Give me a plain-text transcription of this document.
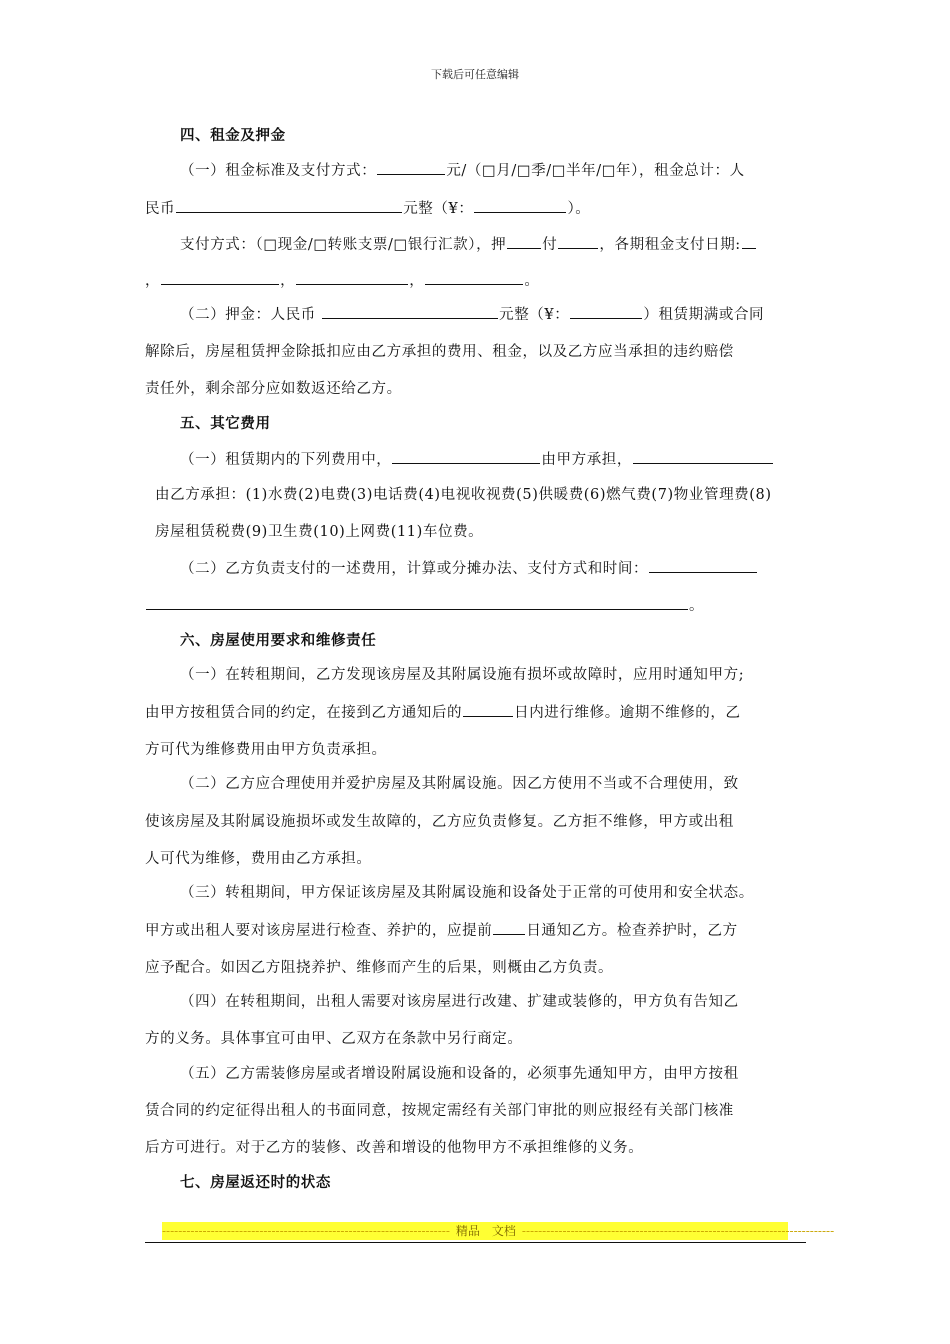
下载后可任意编辑
四、租金及押金
（一）租金标准及支付方式：	元/（□月/□季/□半年/□年），租金总计：人
民币	元整（¥：	）。
支付方式：（□现金/□转账支票/□银行汇款），押 付	，各期租金支付日期:
，	，	，	。
（二）押金：人民币	元整（¥：	）租赁期满或合同
解除后，房屋租赁押金除抵扣应由乙方承担的费用、租金，以及乙方应当承担的违约赔偿
责任外，剩余部分应如数返还给乙方。
五、其它费用
（一）租赁期内的下列费用中，	由甲方承担，
由乙方承担：(1)水费(2)电费(3)电话费(4)电视收视费(5)供暖费(6)燃气费(7)物业管理费(8)
房屋租赁税费(9)卫生费(10)上网费(11)车位费。
（二）乙方负责支付的一述费用，计算或分摊办法、支付方式和时间：
。
六、房屋使用要求和维修责任
（一）在转租期间，乙方发现该房屋及其附属设施有损坏或故障时，应用时通知甲方;
由甲方按租赁合同的约定，在接到乙方通知后的	日内进行维修。逾期不维修的，乙
方可代为维修费用由甲方负责承担。
（二）乙方应合理使用并爱护房屋及其附属设施。因乙方使用不当或不合理使用，致
使该房屋及其附属设施损坏或发生故障的，乙方应负责修复。乙方拒不维修，甲方或出租
人可代为维修，费用由乙方承担。
（三）转租期间，甲方保证该房屋及其附属设施和设备处于正常的可使用和安全状态。
甲方或出租人要对该房屋进行检查、养护的，应提前 日通知乙方。检查养护时，乙方
应予配合。如因乙方阻挠养护、维修而产生的后果，则概由乙方负责。
（四）在转租期间，出租人需要对该房屋进行改建、扩建或装修的，甲方负有告知乙
方的义务。具体事宜可由甲、乙双方在条款中另行商定。
（五）乙方需装修房屋或者增设附属设施和设备的，必须事先通知甲方，由甲方按租
赁合同的约定征得出租人的书面同意，按规定需经有关部门审批的则应报经有关部门核准
后方可进行。对于乙方的装修、改善和增设的他物甲方不承担维修的义务。
七、房屋返还时的状态
----------------------------------------------------------------------- 精品　文档 -----------------------------------------------------------------------------
